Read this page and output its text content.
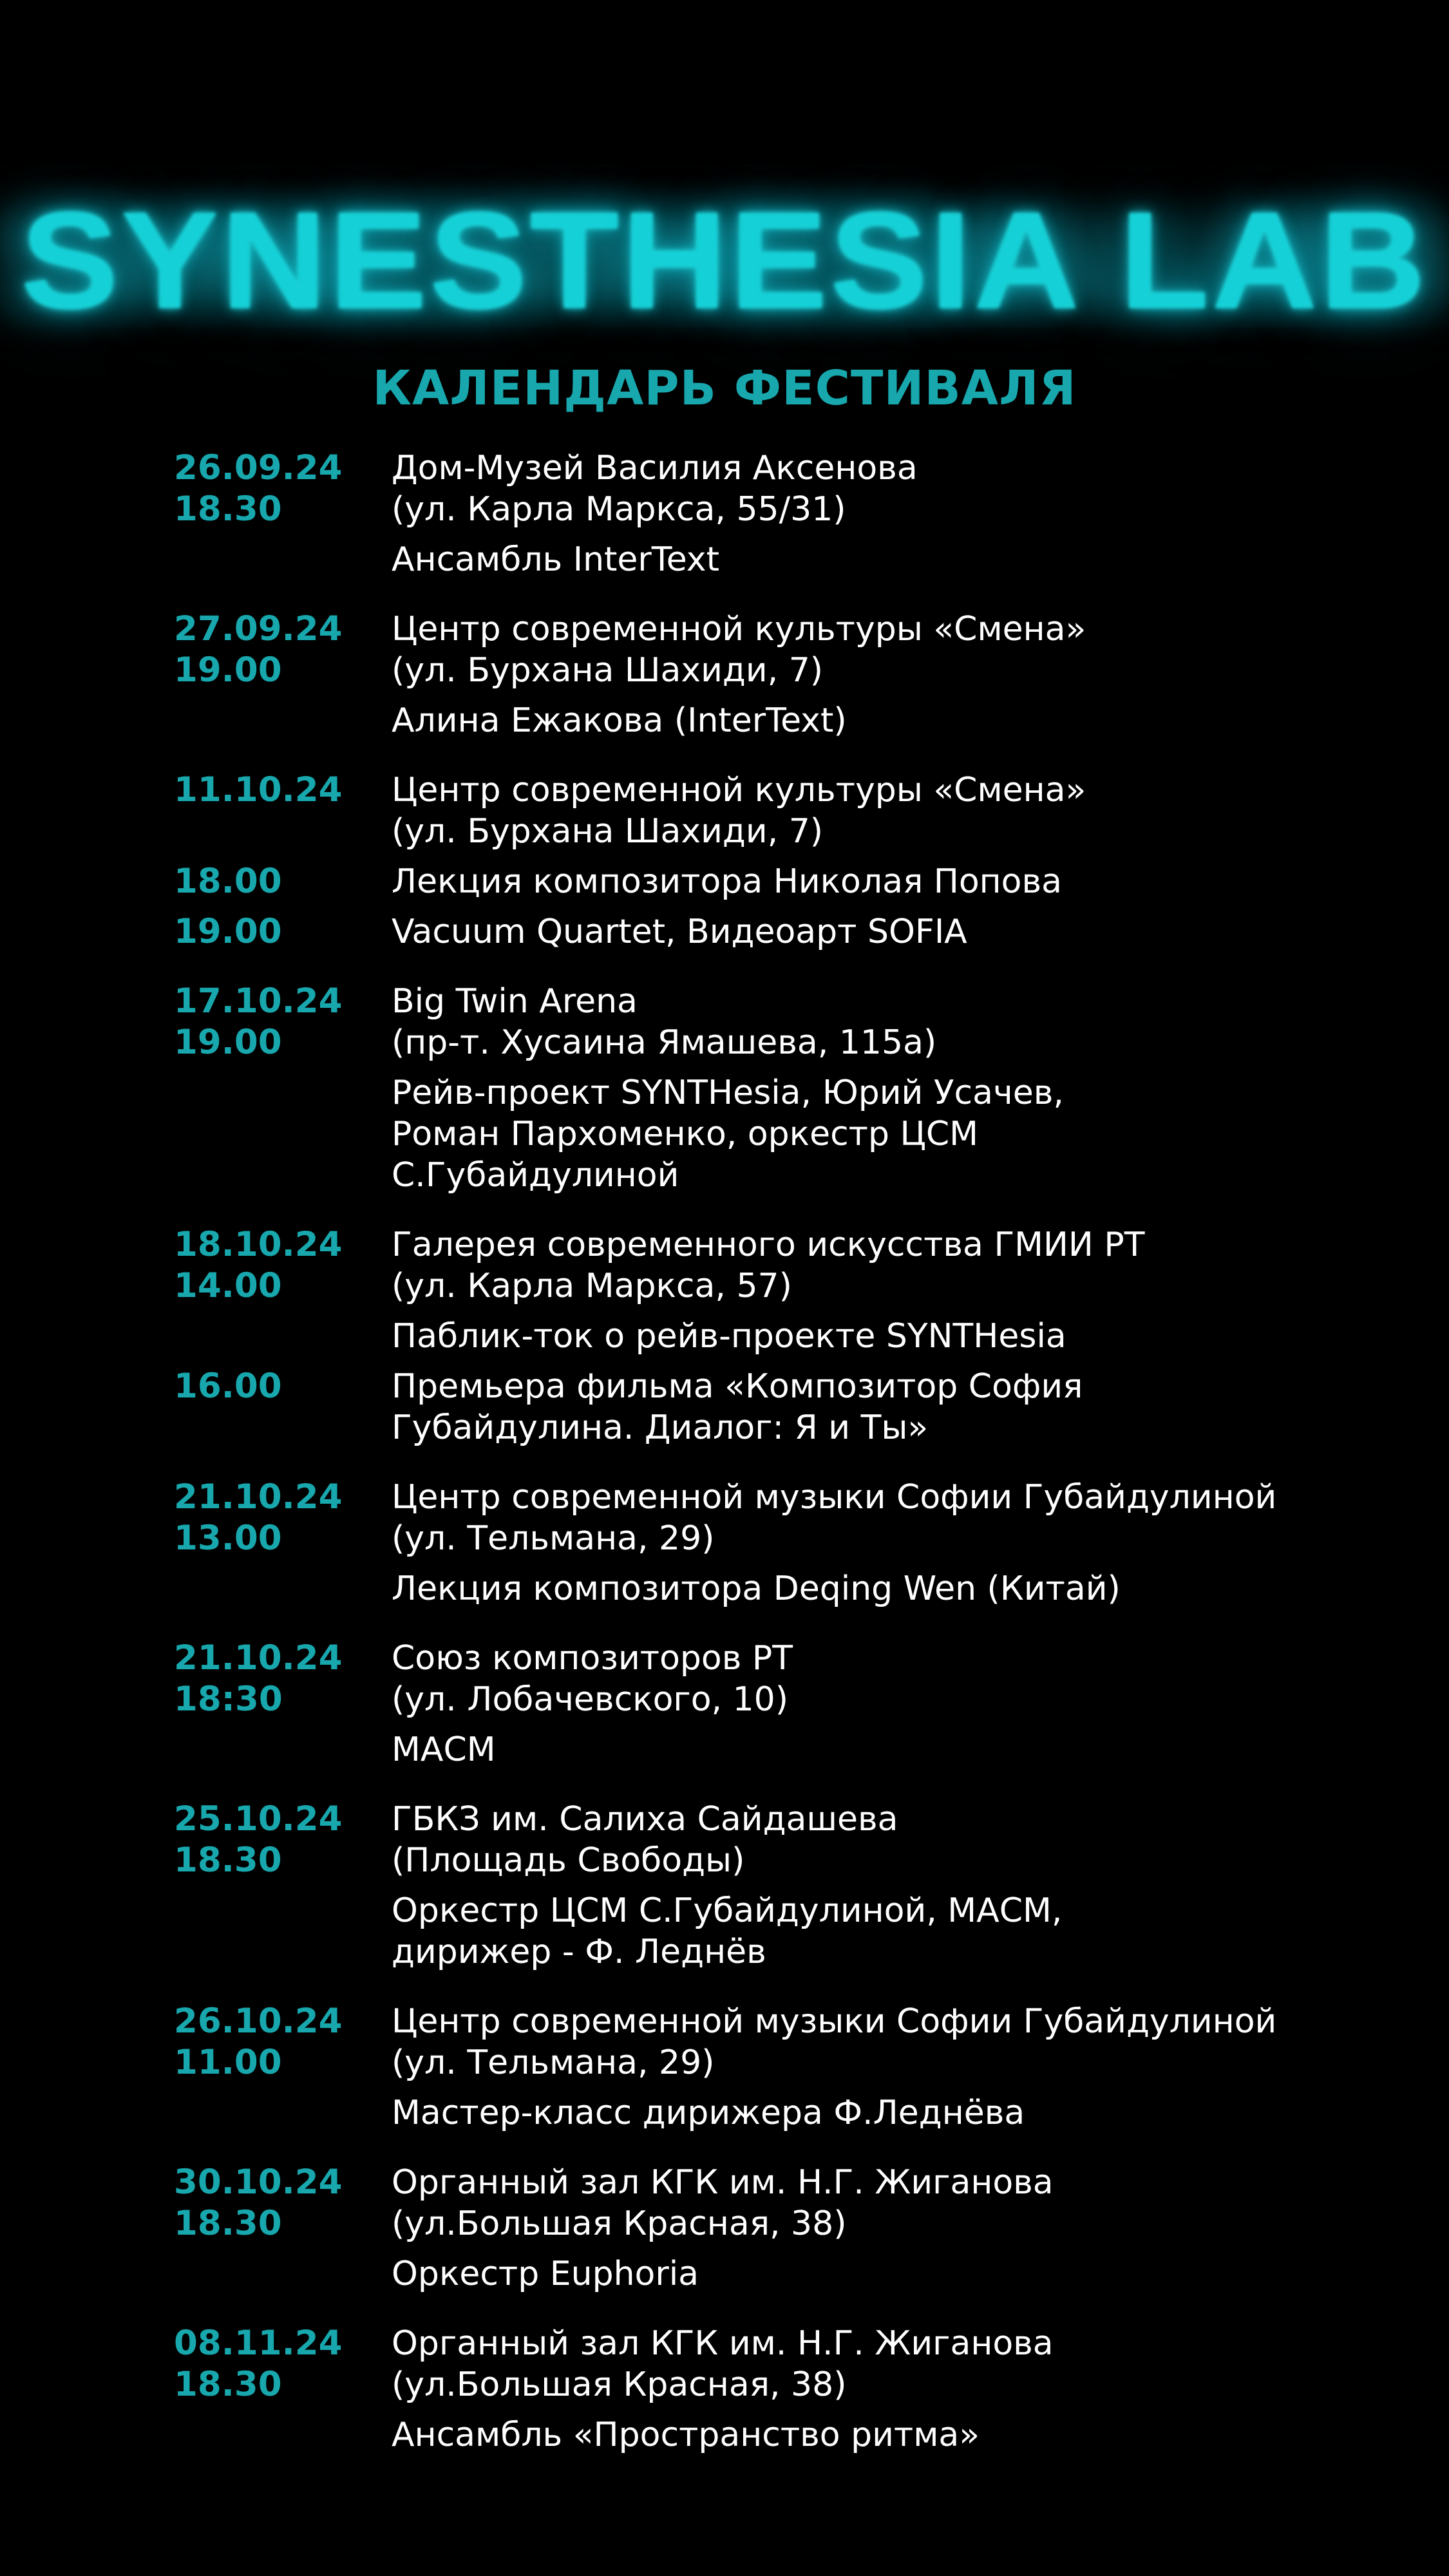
SYNESTHESIA LAB
КАЛЕНДАРЬ ФЕСТИВАЛЯ
26.09.24 Дом-Музей Василия Аксенова
18.30	(ул. Карла Маркса, 55/31)
Ансамбль InterText
27.09.24 Центр современной культуры «Смена»
19.00	(ул. Бурхана Шахиди, 7)
Алина Ежакова (InterText)
11.10.24 Центр современной культуры «Смена»
(ул. Бурхана Шахиди, 7)
18.00	Лекция композитора Николая Попова
19.00	Vacuum Quartet, Видеоарт SOFIA
17.10.24 Big Twin Arena
19.00	(пр-т. Хусаина Ямашева, 115а)
Рейв-проект SYNTHesia, Юрий Усачев,
Роман Пархоменко, оркестр ЦСМ
С.Губайдулиной
18.10.24 Галерея современного искусства ГМИИ РТ
14.00	(ул. Карла Маркса, 57)
Паблик-ток о рейв-проекте SYNTHesia
16.00	Премьера фильма «Композитор София
Губайдулина. Диалог: Я и Ты»
21.10.24 Центр современной музыки Софии Губайдулиной
13.00	(ул. Тельмана, 29)
Лекция композитора Deqing Wen (Китай)
21.10.24 Союз композиторов РТ
18:30	(ул. Лобачевского, 10)
МАСМ
25.10.24 ГБКЗ им. Салиха Сайдашева
18.30	(Площадь Свободы)
Оркестр ЦСМ С.Губайдулиной, МАСМ,
дирижер - Ф. Леднёв
26.10.24 Центр современной музыки Софии Губайдулиной
11.00	(ул. Тельмана, 29)
Мастер-класс дирижера Ф.Леднёва
30.10.24 Органный зал КГК им. Н.Г. Жиганова
18.30	(ул.Большая Красная, 38)
Оркестр Euphoria
08.11.24 Органный зал КГК им. Н.Г. Жиганова
18.30	(ул.Большая Красная, 38)
Ансамбль «Пространство ритма»
